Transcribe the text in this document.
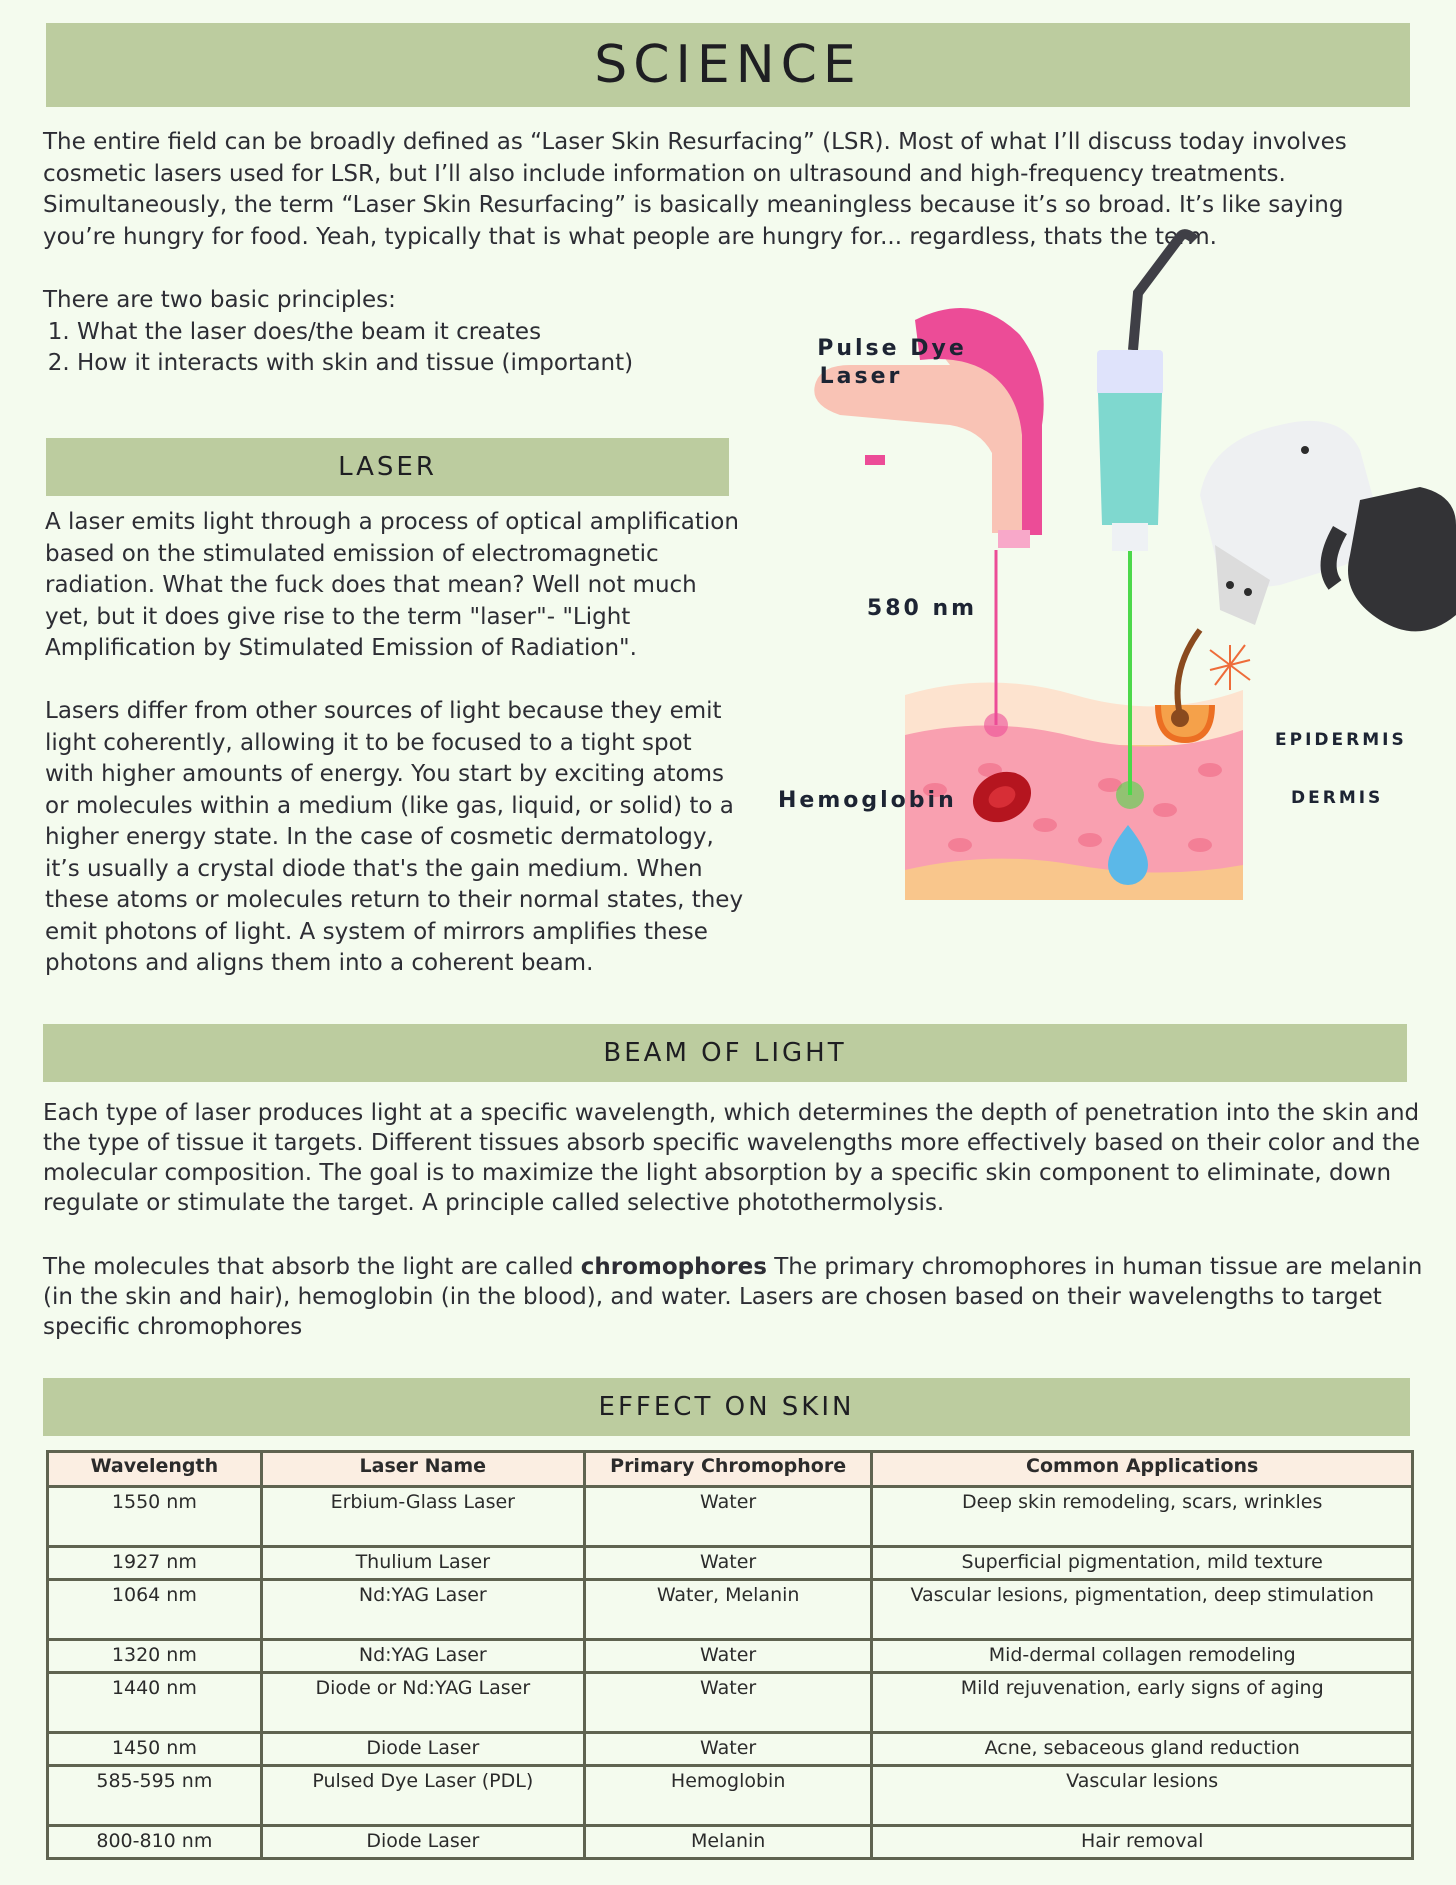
SCIENCE

The entire field can be broadly defined as “Laser Skin Resurfacing” (LSR). Most of what I’ll discuss today involves cosmetic lasers used for LSR, but I’ll also include information on ultrasound and high-frequency treatments. Simultaneously, the term “Laser Skin Resurfacing” is basically meaningless because it’s so broad. It’s like saying you’re hungry for food. Yeah, typically that is what people are hungry for... regardless, thats the term.

There are two basic principles:
1. What the laser does/the beam it creates
2. How it interacts with skin and tissue (important)
LASER

A laser emits light through a process of optical amplification based on the stimulated emission of electromagnetic radiation. What the fuck does that mean? Well not much yet, but it does give rise to the term "laser"- "Light Amplification by Stimulated Emission of Radiation".

Lasers differ from other sources of light because they emit light coherently, allowing it to be focused to a tight spot with higher amounts of energy. You start by exciting atoms or molecules within a medium (like gas, liquid, or solid) to a higher energy state. In the case of cosmetic dermatology, it’s usually a crystal diode that's the gain medium. When these atoms or molecules return to their normal states, they emit photons of light. A system of mirrors amplifies these photons and aligns them into a coherent beam.

Pulse Dye
Laser
580 nm
Hemoglobin
EPIDERMIS
DERMIS
BEAM OF LIGHT

Each type of laser produces light at a specific wavelength, which determines the depth of penetration into the skin and the type of tissue it targets. Different tissues absorb specific wavelengths more effectively based on their color and the molecular composition. The goal is to maximize the light absorption by a specific skin component to eliminate, down regulate or stimulate the target. A principle called selective photothermolysis.

The molecules that absorb the light are called chromophores The primary chromophores in human tissue are melanin (in the skin and hair), hemoglobin (in the blood), and water. Lasers are chosen based on their wavelengths to target specific chromophores

EFFECT ON SKIN
Wavelength	Laser Name	Primary Chromophore	Common Applications
1550 nm	Erbium-Glass Laser	Water	Deep skin remodeling, scars, wrinkles
1927 nm	Thulium Laser	Water	Superficial pigmentation, mild texture
1064 nm	Nd:YAG Laser	Water, Melanin	Vascular lesions, pigmentation, deep stimulation
1320 nm	Nd:YAG Laser	Water	Mid-dermal collagen remodeling
1440 nm	Diode or Nd:YAG Laser	Water	Mild rejuvenation, early signs of aging
1450 nm	Diode Laser	Water	Acne, sebaceous gland reduction
585-595 nm	Pulsed Dye Laser (PDL)	Hemoglobin	Vascular lesions
800-810 nm	Diode Laser	Melanin	Hair removal
